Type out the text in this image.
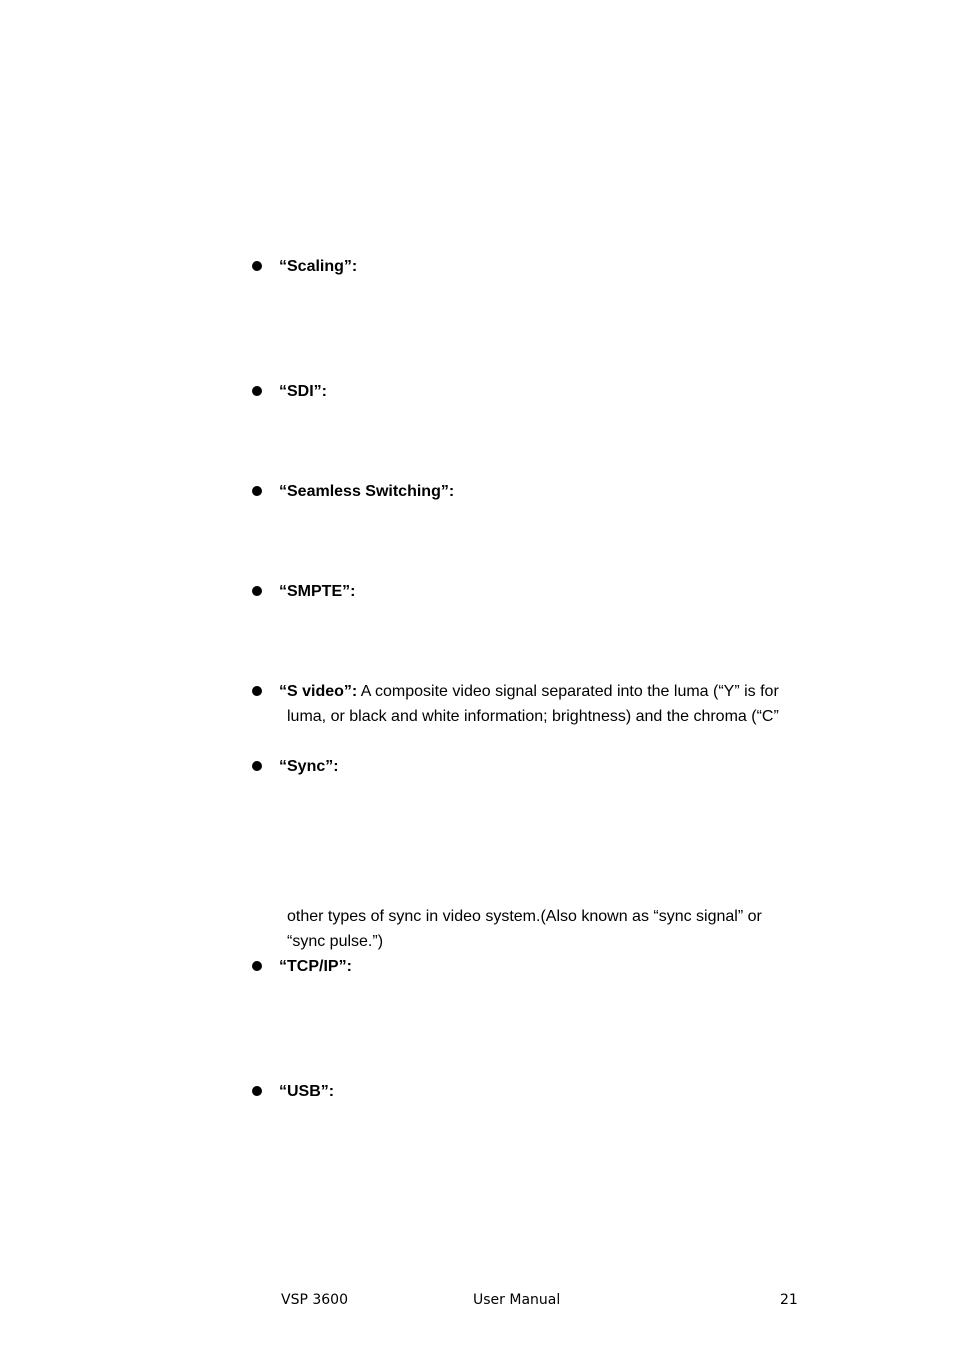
“Scaling”:
“SDI”:
“Seamless Switching”:
“SMPTE”:
“S video”: A composite video signal separated into the luma (“Y” is for
luma, or black and white information; brightness) and the chroma (“C”
“Sync”:
other types of sync in video system.(Also known as “sync signal” or
“sync pulse.”)
“TCP/IP”:
“USB”:
VSP 3600	User Manual	21
